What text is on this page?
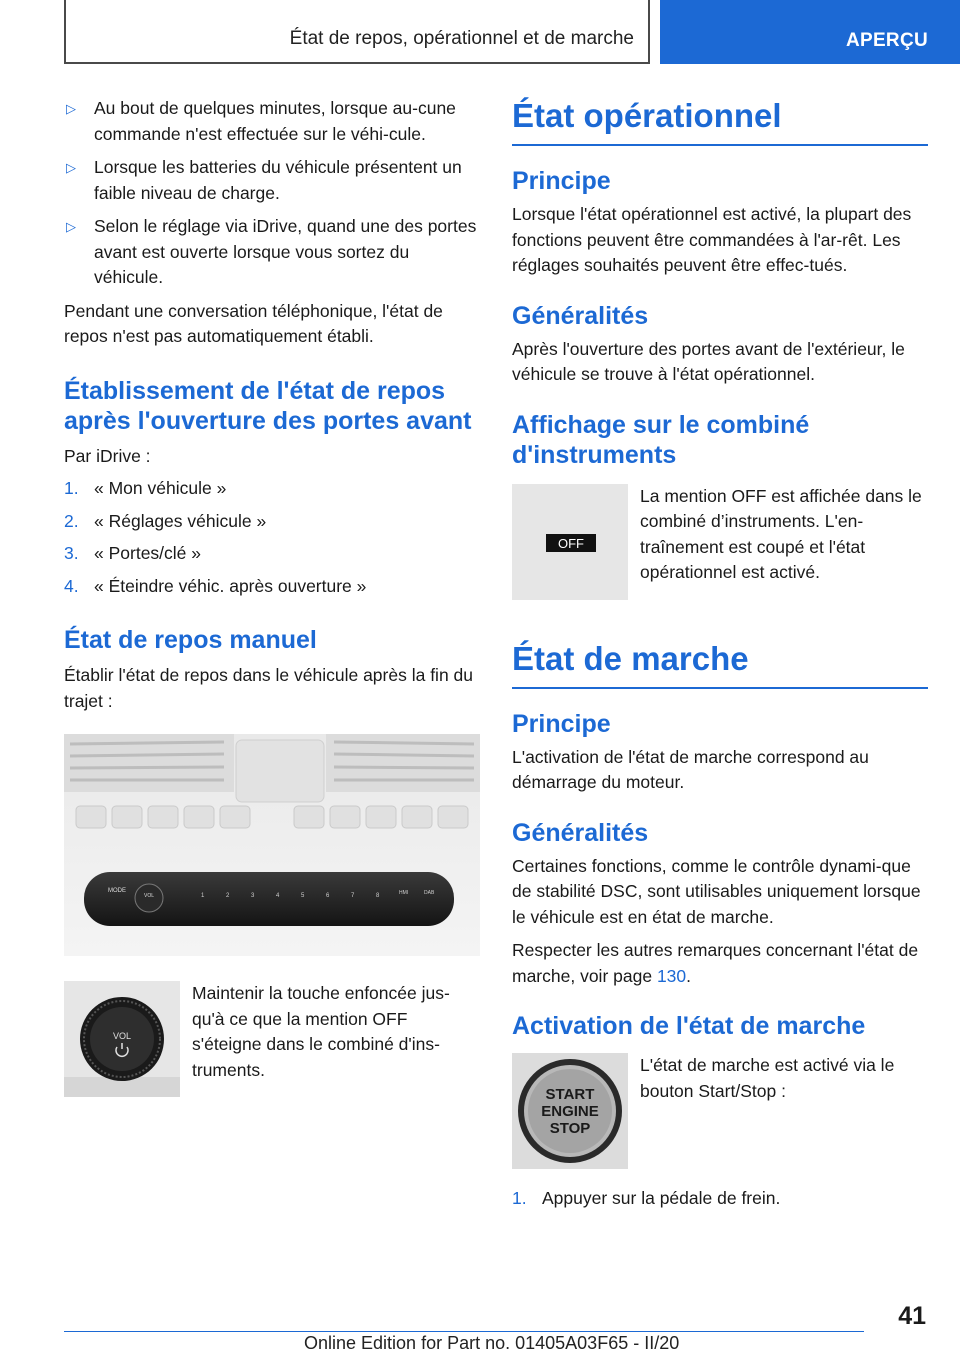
État de repos, opérationnel et de marche	APERÇU
▷	Au bout de quelques minutes, lorsque au-cune commande n'est effectuée sur le véhi-cule.

▷	Lorsque les batteries du véhicule présentent un faible niveau de charge.

▷	Selon le réglage via iDrive, quand une des portes avant est ouverte lorsque vous sortez du véhicule.

Pendant une conversation téléphonique, l'état de repos n'est pas automatiquement établi.

Établissement de l'état de repos après l'ouverture des portes avant

Par iDrive :

1. « Mon véhicule »

2. « Réglages véhicule »

3. « Portes/clé »

4. « Éteindre véhic. après ouverture »

État de repos manuel

Établir l'état de repos dans le véhicule après la fin du trajet :

MODE
VOL	1	2	3	4	5	6	7	8	HMI	DAB
VOL

Maintenir la touche enfoncée jus-qu'à ce que la mention OFF s'éteigne dans le combiné d'ins-truments.

État opérationnel
Principe

Lorsque l'état opérationnel est activé, la plupart des fonctions peuvent être commandées à l'ar-rêt. Les réglages souhaités peuvent être effec-tués.

Généralités

Après l'ouverture des portes avant de l'extérieur, le véhicule se trouve à l'état opérationnel.

Affichage sur le combiné d'instruments
OFF

La mention OFF est affichée dans le combiné d’instruments. L'en-traînement est coupé et l'état opérationnel est activé.

État de marche
Principe

L'activation de l'état de marche correspond au démarrage du moteur.

Généralités

Certaines fonctions, comme le contrôle dynami-que de stabilité DSC, sont utilisables uniquement lorsque le véhicule est en état de marche.

Respecter les autres remarques concernant l'état de marche, voir page 130.

Activation de l'état de marche
START
ENGINE
STOP

L'état de marche est activé via le bouton Start/Stop :

1. Appuyer sur la pédale de frein.

41
Online Edition for Part no. 01405A03F65 - II/20
